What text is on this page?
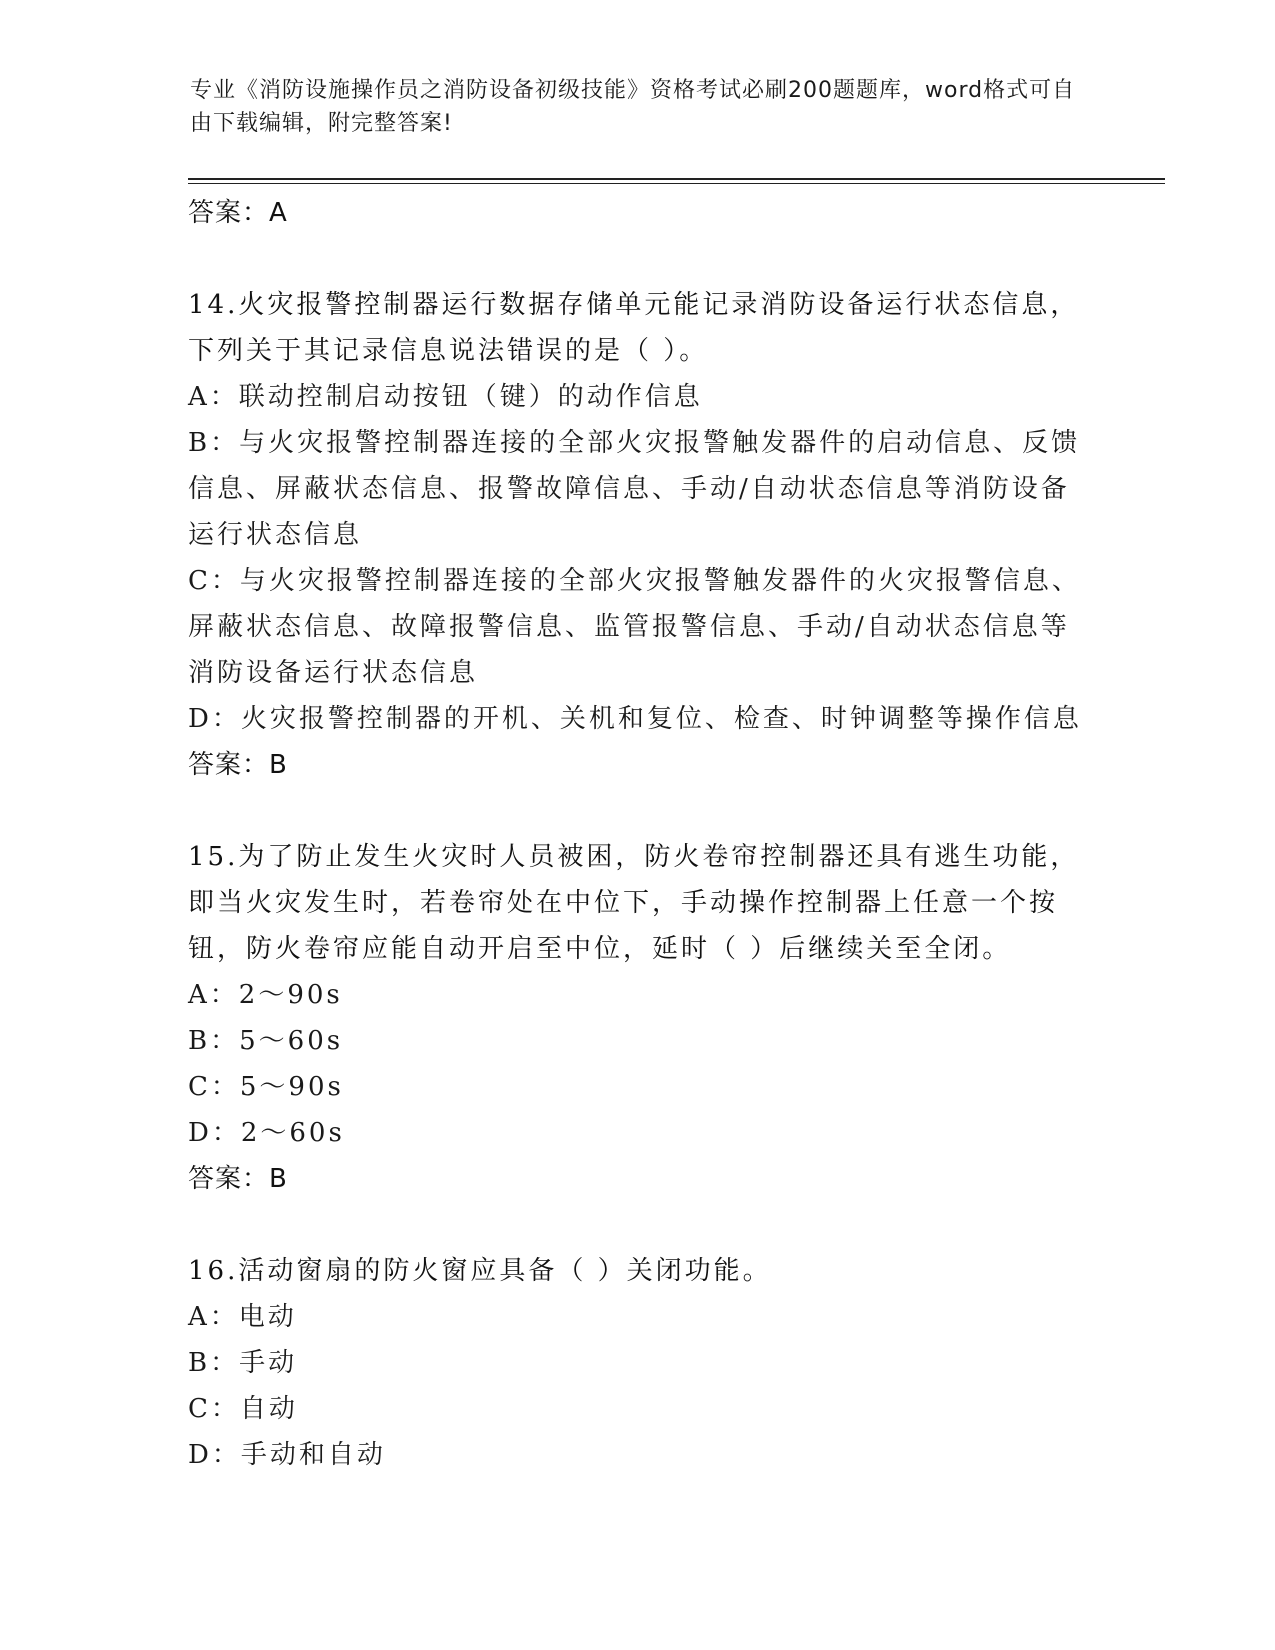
专业《消防设施操作员之消防设备初级技能》资格考试必刷200题题库，word格式可自由下载编辑，附完整答案!
答案：A
14.火灾报警控制器运行数据存储单元能记录消防设备运行状态信息，下列关于其记录信息说法错误的是（ ）。
A：联动控制启动按钮（键）的动作信息
B：与火灾报警控制器连接的全部火灾报警触发器件的启动信息、反馈信息、屏蔽状态信息、报警故障信息、手动/自动状态信息等消防设备运行状态信息
C：与火灾报警控制器连接的全部火灾报警触发器件的火灾报警信息、屏蔽状态信息、故障报警信息、监管报警信息、手动/自动状态信息等消防设备运行状态信息
D：火灾报警控制器的开机、关机和复位、检查、时钟调整等操作信息
答案：B
15.为了防止发生火灾时人员被困，防火卷帘控制器还具有逃生功能，即当火灾发生时，若卷帘处在中位下，手动操作控制器上任意一个按钮，防火卷帘应能自动开启至中位，延时（ ）后继续关至全闭。
A：2～90s
B：5～60s
C：5～90s
D：2～60s
答案：B
16.活动窗扇的防火窗应具备（ ）关闭功能。
A：电动
B：手动
C：自动
D：手动和自动
